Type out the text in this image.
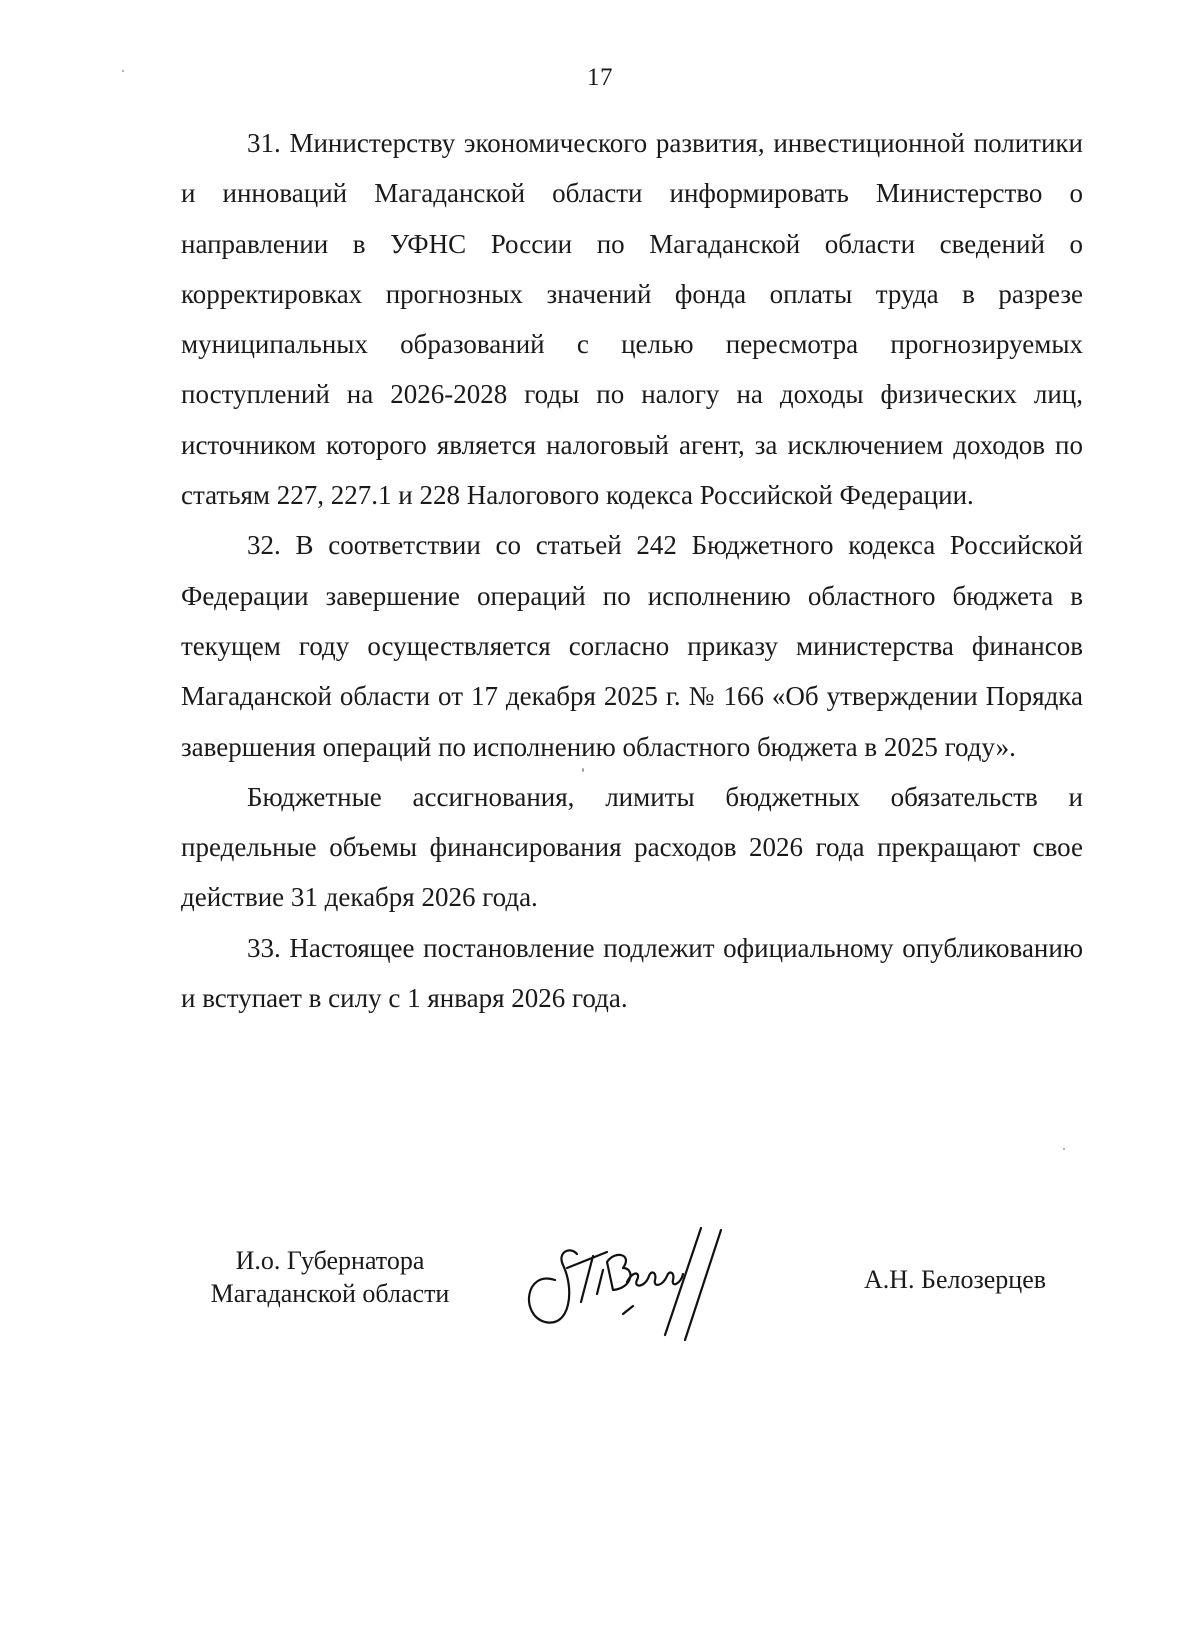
17

31. Министерству экономического развития, инвестиционной политики и инноваций Магаданской области информировать Министерство о направлении в УФНС России по Магаданской области сведений о корректировках прогнозных значений фонда оплаты труда в разрезе муниципальных образований с целью пересмотра прогнозируемых поступлений на 2026-2028 годы по налогу на доходы физических лиц, источником которого является налоговый агент, за исключением доходов по статьям 227, 227.1 и 228 Налогового кодекса Российской Федерации.

32. В соответствии со статьей 242 Бюджетного кодекса Российской Федерации завершение операций по исполнению областного бюджета в текущем году осуществляется согласно приказу министерства финансов Магаданской области от 17 декабря 2025 г. № 166 «Об утверждении Порядка завершения операций по исполнению областного бюджета в 2025 году».

Бюджетные ассигнования, лимиты бюджетных обязательств и предельные объемы финансирования расходов 2026 года прекращают свое действие 31 декабря 2026 года.

33. Настоящее постановление подлежит официальному опубликованию и вступает в силу с 1 января 2026 года.

И.о. Губернатора
Магаданской области	А.Н. Белозерцев
